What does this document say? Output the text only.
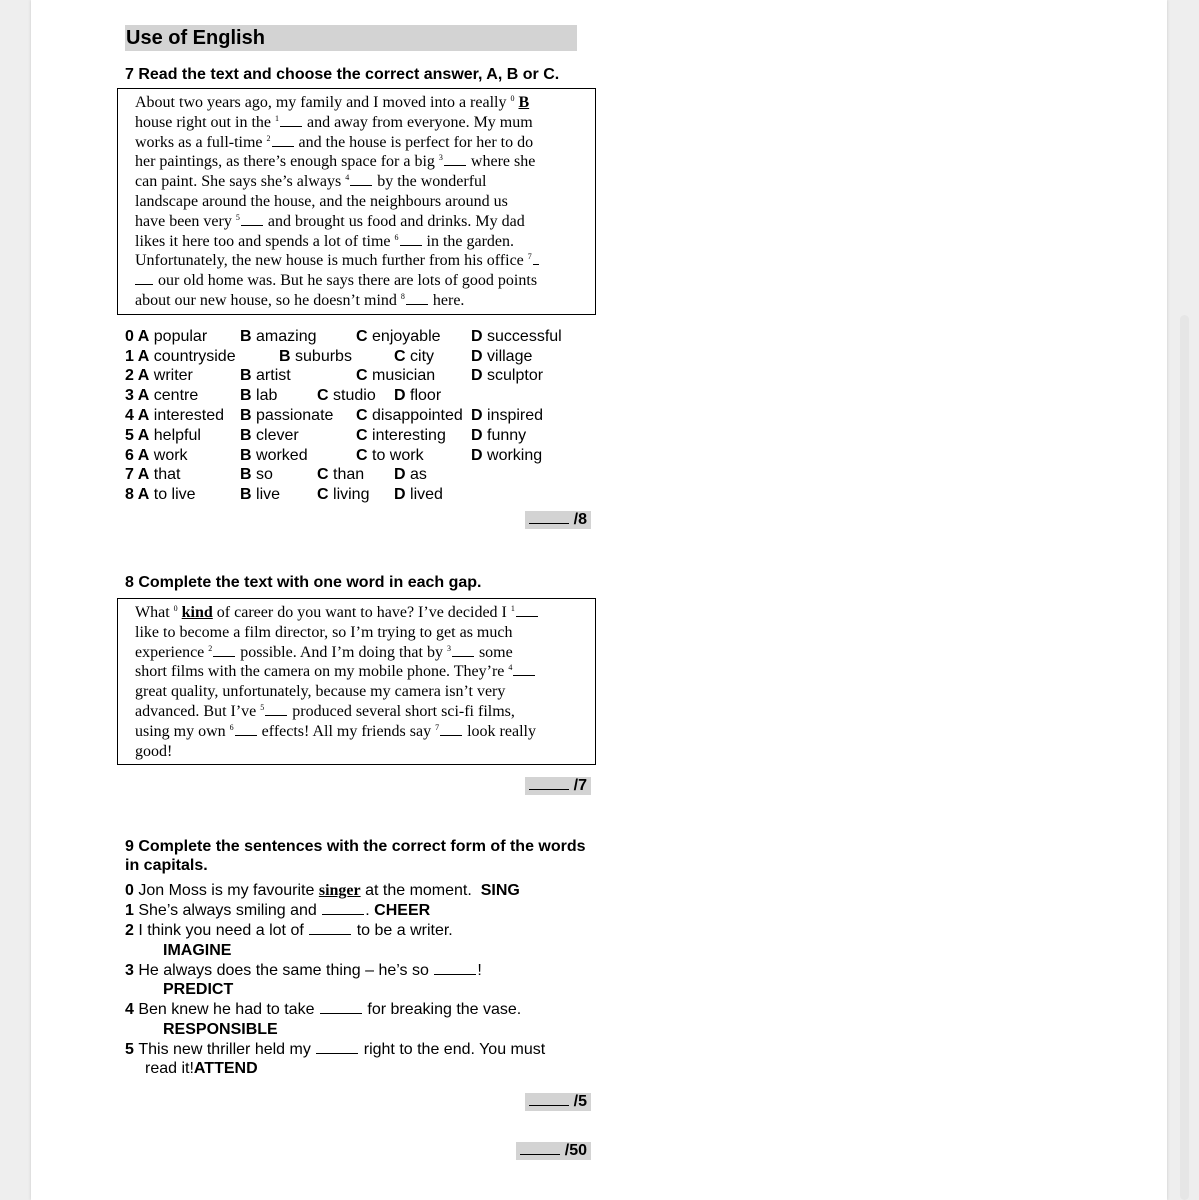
Use of English
7 Read the text and choose the correct answer, A, B or C.
About two years ago, my family and I moved into a really $^0$ B
house right out in the $^1$ and away from everyone. My mum
works as a full-time $^2$ and the house is perfect for her to do
her paintings, as there’s enough space for a big $^3$ where she
can paint. She says she’s always $^4$ by the wonderful
landscape around the house, and the neighbours around us
have been very $^5$ and brought us food and drinks. My dad
likes it here too and spends a lot of time $^6$ in the garden.
Unfortunately, the new house is much further from his office $^7$
our old home was. But he says there are lots of good points
about our new house, so he doesn’t mind $^8$ here.
0 A popular B amazing C enjoyable D successful
1 A countryside	B suburbs	C city D village
2 A writer	B artist	C musician D sculptor
3 A centre	B lab C studio D floor
4 A interested B passionate C disappointed D inspired
5 A helpful B clever	C interesting D funny
6 A work	B worked	C to work	D working
7 A that	B so	C than D as
8 A to live	B live C living D lived
/8
8 Complete the text with one word in each gap.
What $^0$ kind of career do you want to have? I’ve decided I $^1$
like to become a film director, so I’m trying to get as much
experience $^2$ possible. And I’m doing that by $^3$ some
short films with the camera on my mobile phone. They’re $^4$
great quality, unfortunately, because my camera isn’t very
advanced. But I’ve $^5$ produced several short sci-fi films,
using my own $^6$ effects! All my friends say $^7$ look really
good!
/7
9 Complete the sentences with the correct form of the words in capitals.
0 Jon Moss is my favourite singer at the moment. SING
1 She’s always smiling and	. CHEER
2 I think you need a lot of	to be a writer.
IMAGINE
3 He always does the same thing – he’s so	!
PREDICT
4 Ben knew he had to take	for breaking the vase.
RESPONSIBLE
5 This new thriller held my	right to the end. You must
read it!ATTEND
/5
/50
